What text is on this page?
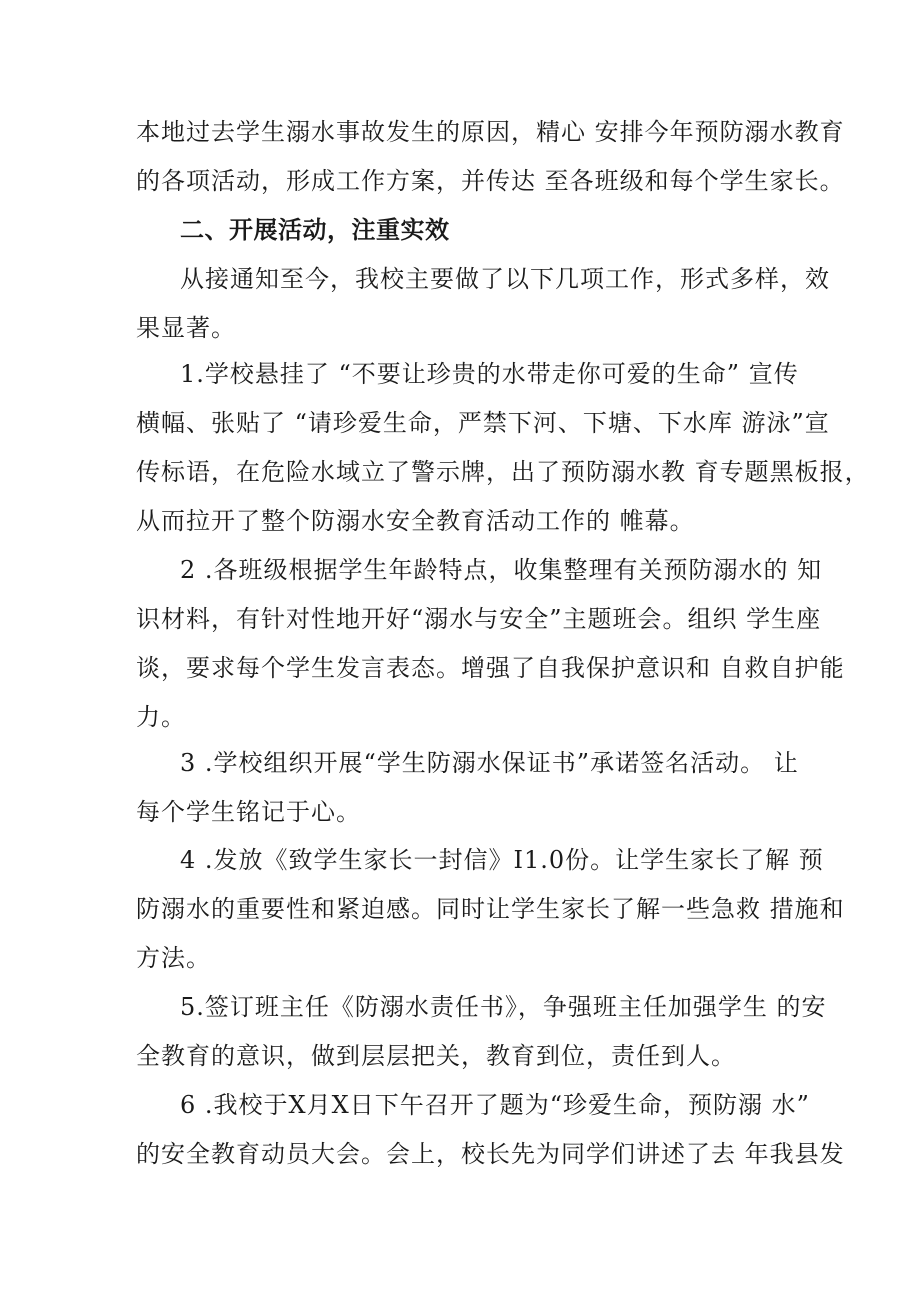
本地过去学生溺水事故发生的原因，精心 安排今年预防溺水教育
的各项活动，形成工作方案，并传达 至各班级和每个学生家长。
二、开展活动，注重实效
从接通知至今，我校主要做了以下几项工作，形式多样，效
果显著。
1.学校悬挂了 “不要让珍贵的水带走你可爱的生命” 宣传
横幅、张贴了 “请珍爱生命，严禁下河、下塘、下水库 游泳”宣
传标语，在危险水域立了警示牌，出了预防溺水教 育专题黑板报，
从而拉开了整个防溺水安全教育活动工作的 帷幕。
2 .各班级根据学生年龄特点，收集整理有关预防溺水的 知
识材料，有针对性地开好“溺水与安全”主题班会。组织 学生座
谈，要求每个学生发言表态。增强了自我保护意识和 自救自护能
力。
3 .学校组织开展“学生防溺水保证书”承诺签名活动。 让
每个学生铭记于心。
4 .发放《致学生家长一封信》I1.0份。让学生家长了解 预
防溺水的重要性和紧迫感。同时让学生家长了解一些急救 措施和
方法。
5.签订班主任《防溺水责任书》，争强班主任加强学生 的安
全教育的意识，做到层层把关，教育到位，责任到人。
6 .我校于X月X日下午召开了题为“珍爱生命，预防溺 水”
的安全教育动员大会。会上，校长先为同学们讲述了去 年我县发
